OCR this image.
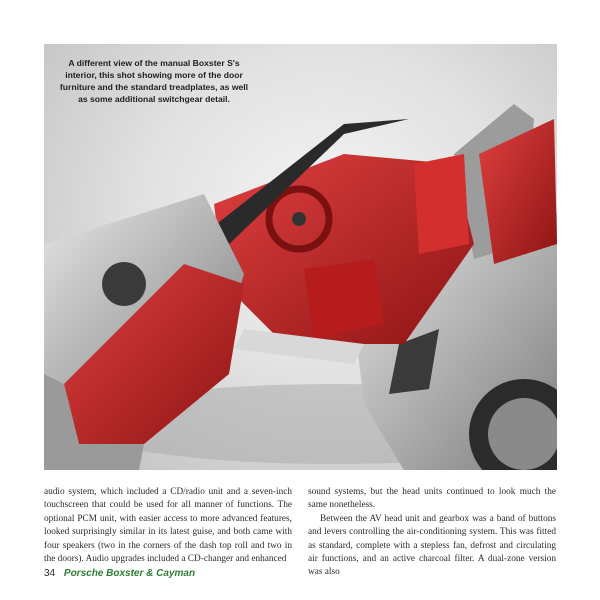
A different view of the manual Boxster S's interior, this shot showing more of the door furniture and the standard treadplates, as well as some additional switchgear detail.

audio system, which included a CD/radio unit and a seven-inch touchscreen that could be used for all manner of functions. The optional PCM unit, with easier access to more advanced features, looked surprisingly similar in its latest guise, and both came with four speakers (two in the corners of the dash top roll and two in the doors). Audio upgrades included a CD-changer and enhanced

sound systems, but the head units continued to look much the same nonetheless.

Between the AV head unit and gearbox was a band of buttons and levers controlling the air-conditioning system. This was fitted as standard, complete with a stepless fan, defrost and circulating air functions, and an active charcoal filter. A dual-zone version was also

34 Porsche Boxster & Cayman
